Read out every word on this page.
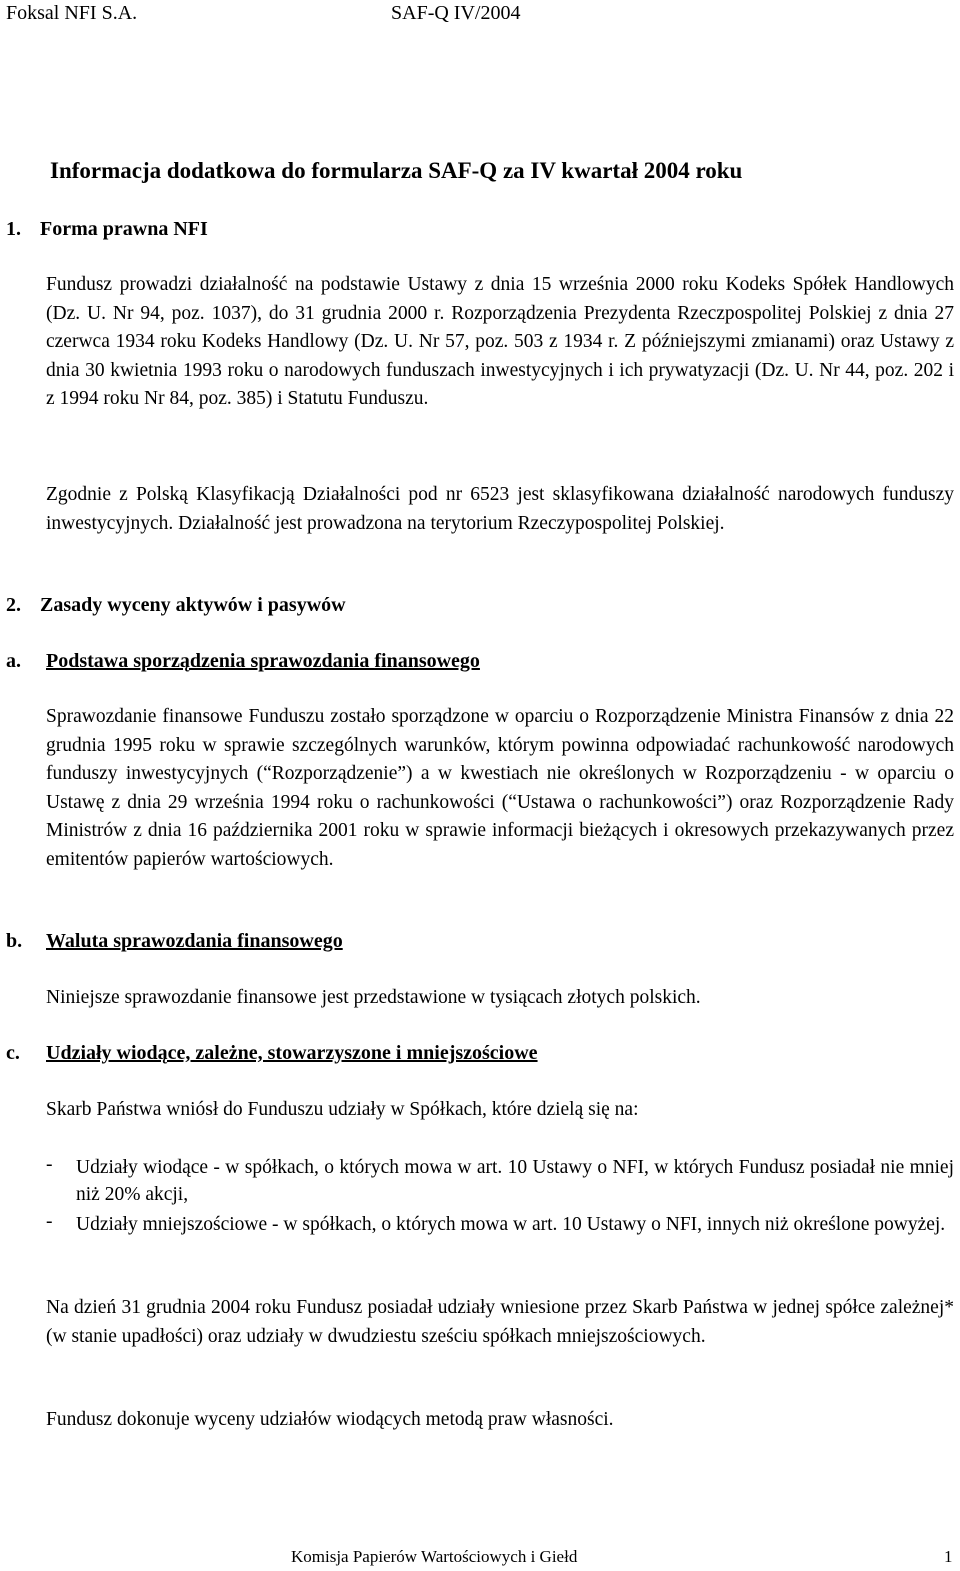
Foksal NFI S.A.	SAF-Q IV/2004
Informacja dodatkowa do formularza SAF-Q za IV kwartał 2004 roku
1. Forma prawna NFI

Fundusz prowadzi działalność na podstawie Ustawy z dnia 15 września 2000 roku Kodeks Spółek Handlowych (Dz. U. Nr 94, poz. 1037), do 31 grudnia 2000 r. Rozporządzenia Prezydenta Rzeczpospolitej Polskiej z dnia 27 czerwca 1934 roku Kodeks Handlowy (Dz. U. Nr 57, poz. 503 z 1934 r. Z późniejszymi zmianami) oraz Ustawy z dnia 30 kwietnia 1993 roku o narodowych funduszach inwestycyjnych i ich prywatyzacji (Dz. U. Nr 44, poz. 202 i z 1994 roku Nr 84, poz. 385) i Statutu Funduszu.

Zgodnie z Polską Klasyfikacją Działalności pod nr 6523 jest sklasyfikowana działalność narodowych funduszy inwestycyjnych. Działalność jest prowadzona na terytorium Rzeczypospolitej Polskiej.

2. Zasady wyceny aktywów i pasywów
a.	Podstawa sporządzenia sprawozdania finansowego

Sprawozdanie finansowe Funduszu zostało sporządzone w oparciu o Rozporządzenie Ministra Finansów z dnia 22 grudnia 1995 roku w sprawie szczególnych warunków, którym powinna odpowiadać rachunkowość narodowych funduszy inwestycyjnych (“Rozporządzenie”) a w kwestiach nie określonych w Rozporządzeniu - w oparciu o Ustawę z dnia 29 września 1994 roku o rachunkowości (“Ustawa o rachunkowości”) oraz Rozporządzenie Rady Ministrów z dnia 16 października 2001 roku w sprawie informacji bieżących i okresowych przekazywanych przez emitentów papierów wartościowych.

b.	Waluta sprawozdania finansowego

Niniejsze sprawozdanie finansowe jest przedstawione w tysiącach złotych polskich.

c.	Udziały wiodące, zależne, stowarzyszone i mniejszościowe

Skarb Państwa wniósł do Funduszu udziały w Spółkach, które dzielą się na:

- Udziały wiodące - w spółkach, o których mowa w art. 10 Ustawy o NFI, w których Fundusz posiadał nie mniej niż 20% akcji,

- Udziały mniejszościowe - w spółkach, o których mowa w art. 10 Ustawy o NFI, innych niż określone powyżej.

Na dzień 31 grudnia 2004 roku Fundusz posiadał udziały wniesione przez Skarb Państwa w jednej spółce zależnej* (w stanie upadłości) oraz udziały w dwudziestu sześciu spółkach mniejszościowych.

Fundusz dokonuje wyceny udziałów wiodących metodą praw własności.

Komisja Papierów Wartościowych i Giełd	1
